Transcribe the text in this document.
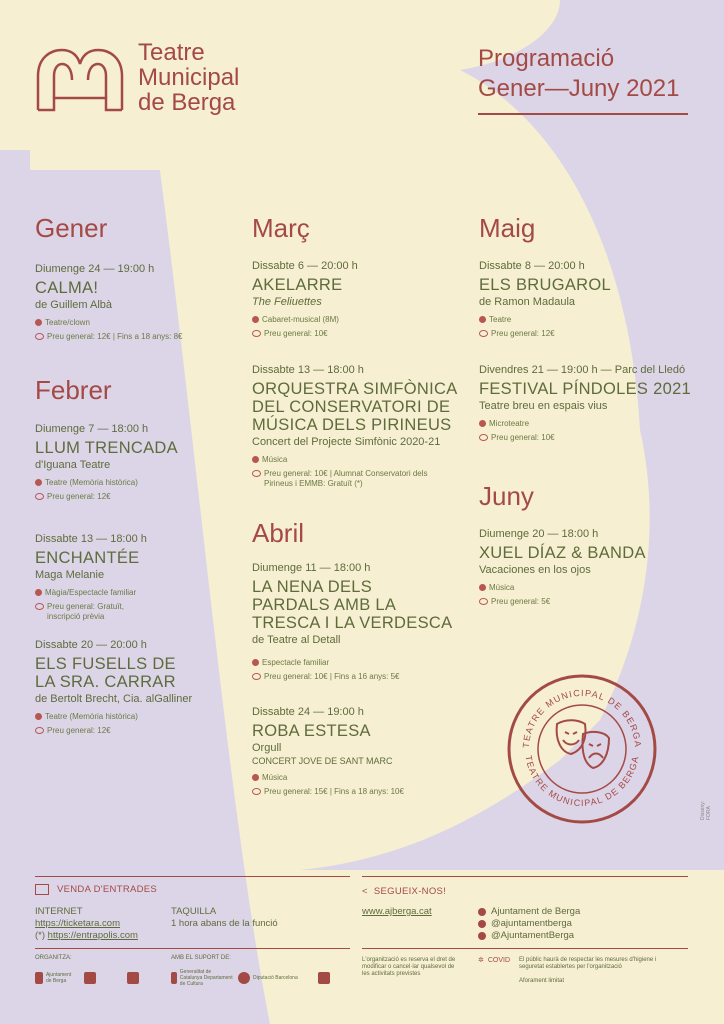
Teatre
Municipal
de Berga
Programació
Gener—Juny 2021
Gener
Febrer
Març
Abril
Maig
Juny
Diumenge 24 — 19:00 h
CALMA!
de Guillem Albà
Teatre/clown
Preu general: 12€ | Fins a 18 anys: 8€
Diumenge 7 — 18:00 h
LLUM TRENCADA
d'Iguana Teatre
Teatre (Memòria històrica)
Preu general: 12€
Dissabte 13 — 18:00 h
ENCHANTÉE
Maga Melanie
Màgia/Espectacle familiar
Preu general: Gratuït, inscripció prèvia
Dissabte 20 — 20:00 h
ELS FUSELLS DE
LA SRA. CARRAR
de Bertolt Brecht, Cia. alGalliner
Teatre (Memòria històrica)
Preu general: 12€
Dissabte 6 — 20:00 h
AKELARRE
The Feliuettes
Cabaret-musical (8M)
Preu general: 10€
Dissabte 13 — 18:00 h
ORQUESTRA SIMFÒNICA
DEL CONSERVATORI DE
MÚSICA DELS PIRINEUS
Concert del Projecte Simfònic 2020-21
Música
Preu general: 10€ | Alumnat Conservatori dels Pirineus i EMMB: Gratuït (*)
Diumenge 11 — 18:00 h
LA NENA DELS
PARDALS AMB LA
TRESCA I LA VERDESCA
de Teatre al Detall
Espectacle familiar
Preu general: 10€ | Fins a 16 anys: 5€
Dissabte 24 — 19:00 h
ROBA ESTESA
Orgull
CONCERT JOVE DE SANT MARC
Música
Preu general: 15€ | Fins a 18 anys: 10€
Dissabte 8 — 20:00 h
ELS BRUGAROL
de Ramon Madaula
Teatre
Preu general: 12€
Divendres 21 — 19:00 h — Parc del Lledó
FESTIVAL PÍNDOLES 2021
Teatre breu en espais vius
Microteatre
Preu general: 10€
Diumenge 20 — 18:00 h
XUEL DÍAZ & BANDA
Vacaciones en los ojos
Música
Preu general: 5€
TEATRE MUNICIPAL DE BERGA
TEATRE MUNICIPAL DE BERGA
Disseny: FORA
VENDA D'ENTRADES
INTERNET
https://ticketara.com
(*) https://entrapolis.com
TAQUILLA
1 hora abans de la funció
< SEGUEIX-NOS!
www.ajberga.cat	Ajuntament de Berga
@ajuntamentberga
@AjuntamentBerga
ORGANITZA:
Ajuntament de Berga
AMB EL SUPORT DE:
Generalitat de Catalunya Departament de Cultura
Diputació Barcelona
L'organització es reserva el dret de modificar o cancel·lar qualsevol de les activitats previstes
✲ COVID El públic haurà de respectar les mesures d'higiene i seguretat establertes per l'organització
Aforament limitat
